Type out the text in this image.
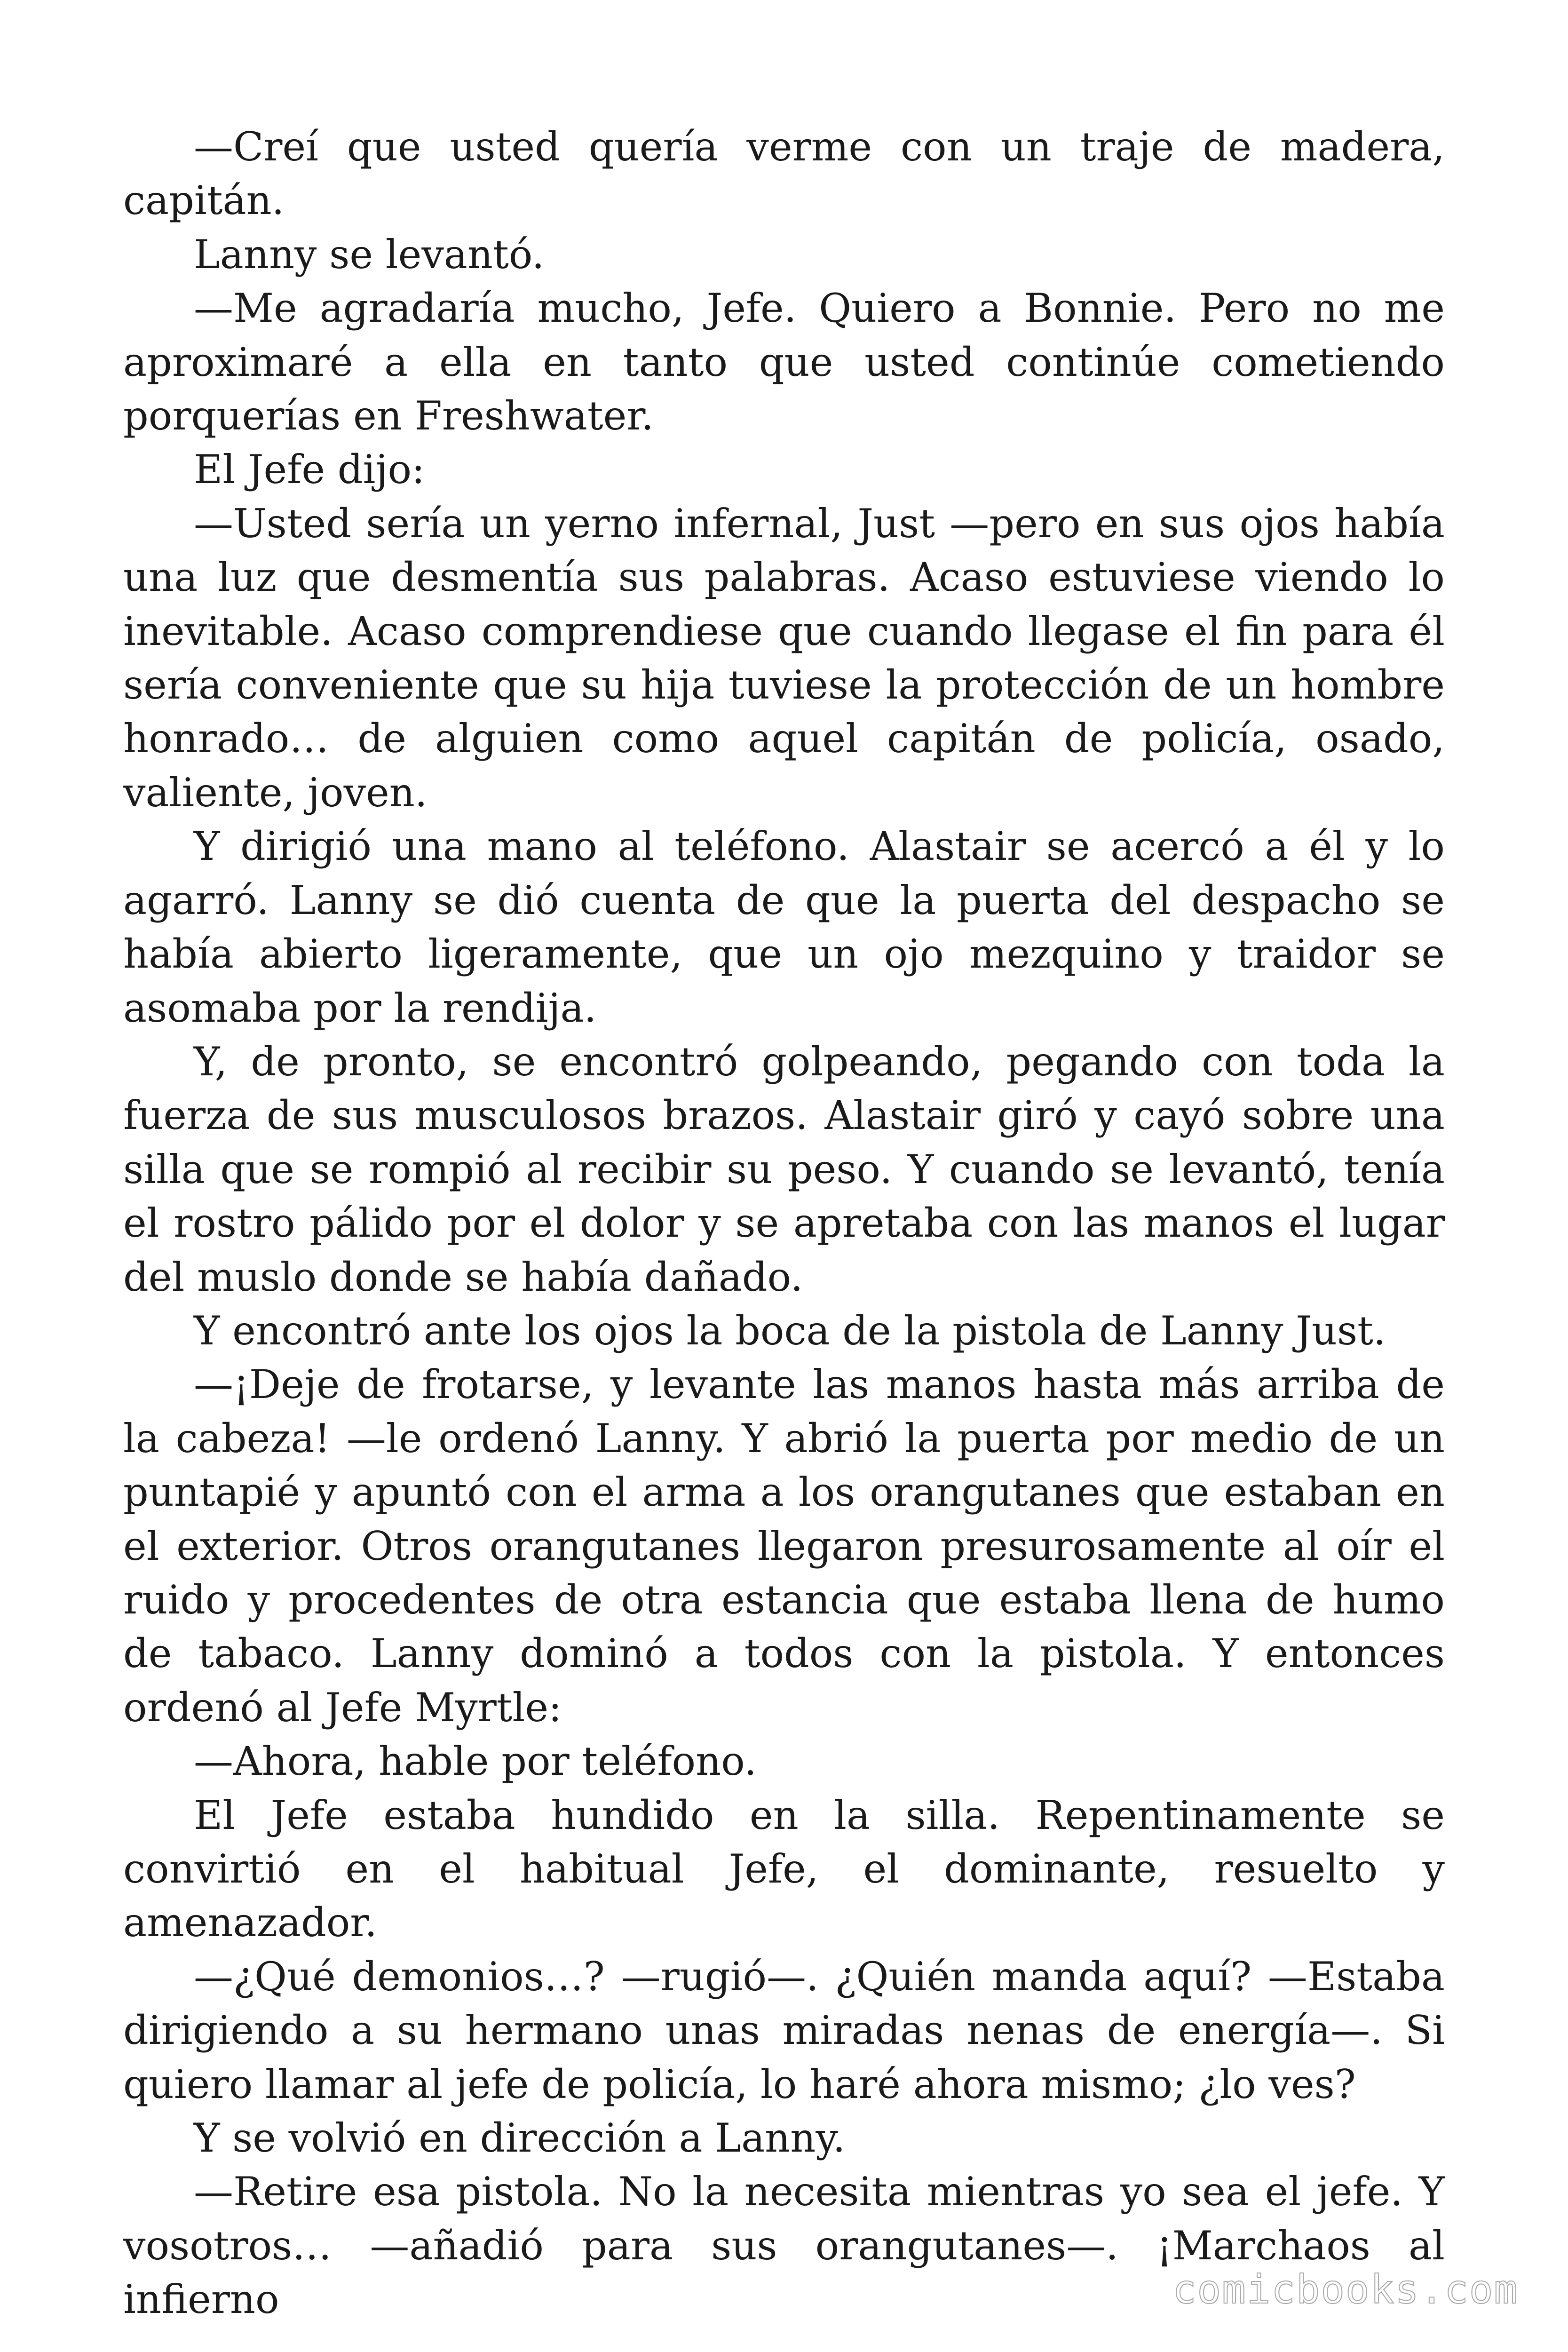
—Creí que usted quería verme con un traje de madera, capitán.

Lanny se levantó.

—Me agradaría mucho, Jefe. Quiero a Bonnie. Pero no me aproximaré a ella en tanto que usted continúe cometiendo porquerías en Freshwater.

El Jefe dijo:

—Usted sería un yerno infernal, Just —pero en sus ojos había una luz que desmentía sus palabras. Acaso estuviese viendo lo inevitable. Acaso comprendiese que cuando llegase el fin para él sería conveniente que su hija tuviese la protección de un hombre honrado… de alguien como aquel capitán de policía, osado, valiente, joven.

Y dirigió una mano al teléfono. Alastair se acercó a él y lo agarró. Lanny se dió cuenta de que la puerta del despacho se había abierto ligeramente, que un ojo mezquino y traidor se asomaba por la rendija.

Y, de pronto, se encontró golpeando, pegando con toda la fuerza de sus musculosos brazos. Alastair giró y cayó sobre una silla que se rompió al recibir su peso. Y cuando se levantó, tenía el rostro pálido por el dolor y se apretaba con las manos el lugar del muslo donde se había dañado.

Y encontró ante los ojos la boca de la pistola de Lanny Just.

—¡Deje de frotarse, y levante las manos hasta más arriba de la cabeza! —le ordenó Lanny. Y abrió la puerta por medio de un puntapié y apuntó con el arma a los orangutanes que estaban en el exterior. Otros orangutanes llegaron presurosamente al oír el ruido y procedentes de otra estancia que estaba llena de humo de tabaco. Lanny dominó a todos con la pistola. Y entonces ordenó al Jefe Myrtle:

—Ahora, hable por teléfono.

El Jefe estaba hundido en la silla. Repentinamente se convirtió en el habitual Jefe, el dominante, resuelto y amenazador.

—¿Qué demonios…? —rugió—. ¿Quién manda aquí? —Estaba dirigiendo a su hermano unas miradas nenas de energía—. Si quiero llamar al jefe de policía, lo haré ahora mismo; ¿lo ves?

Y se volvió en dirección a Lanny.

—Retire esa pistola. No la necesita mientras yo sea el jefe. Y vosotros… —añadió para sus orangutanes—. ¡Marchaos al infierno	comicbooks.com
